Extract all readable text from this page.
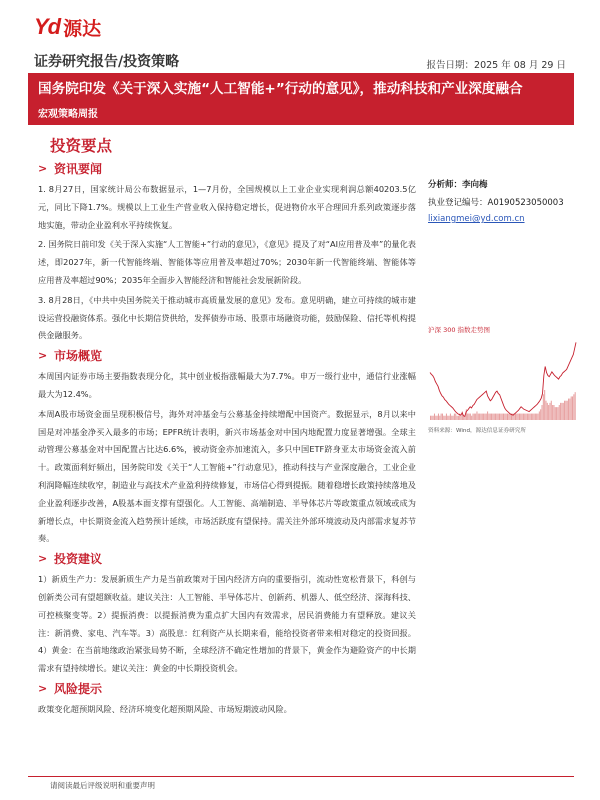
Yd 源达
证券研究报告/投资策略	报告日期：2025 年 08 月 29 日
国务院印发《关于深入实施“人工智能+”行动的意见》，推动科技和产业深度融合
宏观策略周报
投资要点
> 资讯要闻

1. 8月27日，国家统计局公布数据显示，1—7月份，全国规模以上工业企业实现利润总额40203.5亿元，同比下降1.7%。规模以上工业生产营业收入保持稳定增长，促进物价水平合理回升系列政策逐步落地实施，带动企业盈利水平持续恢复。

2. 国务院日前印发《关于深入实施“人工智能+”行动的意见》，《意见》提及了对“AI应用普及率”的量化表述，即2027年，新一代智能终端、智能体等应用普及率超过70%；2030年新一代智能终端、智能体等应用普及率超过90%；2035年全面步入智能经济和智能社会发展新阶段。

3. 8月28日，《中共中央国务院关于推动城市高质量发展的意见》发布。意见明确，建立可持续的城市建设运营投融资体系。强化中长期信贷供给，发挥债券市场、股票市场融资功能，鼓励保险、信托等机构提供金融服务。

> 市场概览

本周国内证券市场主要指数表现分化，其中创业板指涨幅最大为7.7%。申万一级行业中，通信行业涨幅最大为12.4%。

本周A股市场资金面呈现积极信号，海外对冲基金与公募基金持续增配中国资产。数据显示，8月以来中国是对冲基金净买入最多的市场；EPFR统计表明，新兴市场基金对中国内地配置力度显著增强。全球主动管理公募基金对中国配置占比达6.6%，被动资金亦加速流入，多只中国ETF跻身亚太市场资金流入前十。政策面利好频出，国务院印发《关于“人工智能+”行动意见》，推动科技与产业深度融合，工业企业利润降幅连续收窄，制造业与高技术产业盈利持续修复，市场信心得到提振。随着稳增长政策持续落地及企业盈利逐步改善，A股基本面支撑有望强化。人工智能、高端制造、半导体芯片等政策重点领域或成为新增长点，中长期资金流入趋势预计延续，市场活跃度有望保持。需关注外部环境波动及内部需求复苏节奏。

> 投资建议

1）新质生产力：发展新质生产力是当前政策对于国内经济方向的重要指引，流动性宽松背景下，科创与创新类公司有望超额收益。建议关注：人工智能、半导体芯片、创新药、机器人、低空经济、深海科技、可控核聚变等。2）提振消费：以提振消费为重点扩大国内有效需求，居民消费能力有望释放。建议关注：新消费、家电、汽车等。3）高股息：红利资产从长期来看，能给投资者带来相对稳定的投资回报。4）黄金：在当前地缘政治紧张局势不断，全球经济不确定性增加的背景下，黄金作为避险资产的中长期需求有望持续增长。建议关注：黄金的中长期投资机会。

> 风险提示

政策变化超预期风险、经济环境变化超预期风险、市场短期波动风险。

分析师：李向梅
执业登记编号：A0190523050003
lixiangmei@yd.com.cn
沪深 300 指数走势图
资料来源：Wind，源达信息证券研究所
请阅读最后评级说明和重要声明
